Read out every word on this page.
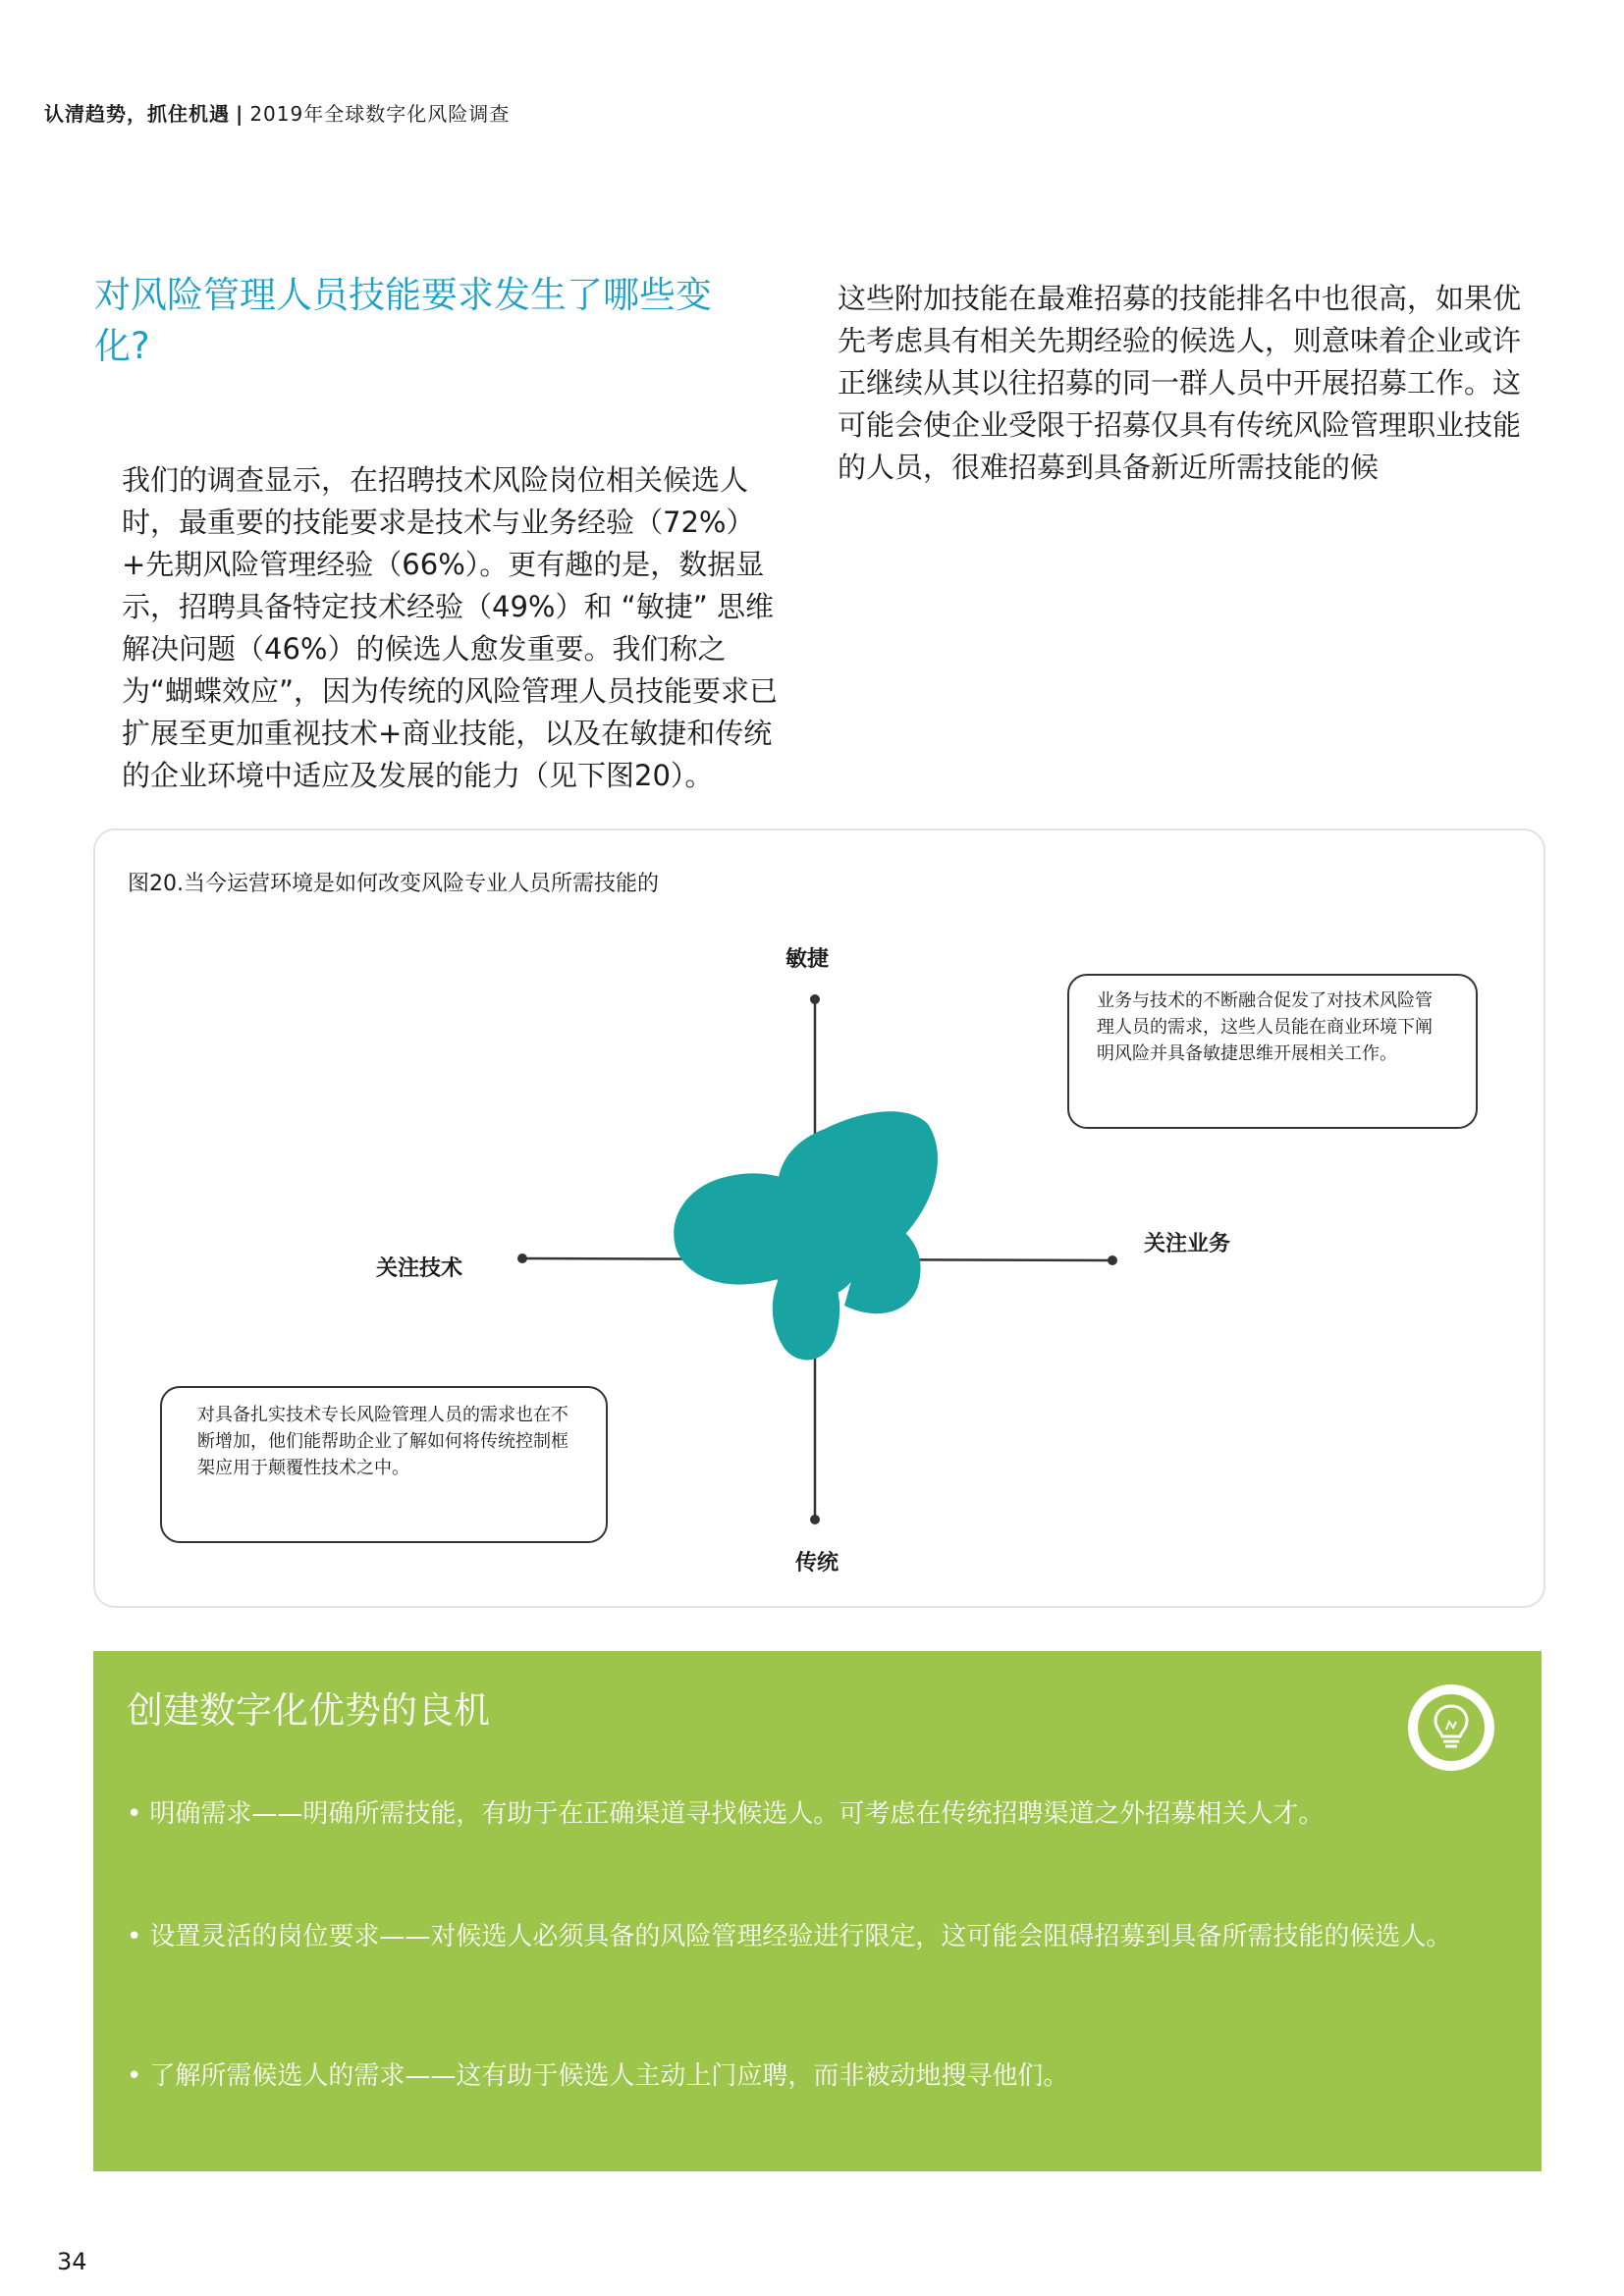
认清趋势，抓住机遇 | 2019年全球数字化风险调查
对风险管理人员技能要求发生了哪些变化?

我们的调查显示，在招聘技术风险岗位相关候选人时，最重要的技能要求是技术与业务经验（72%）+先期风险管理经验（66%）。更有趣的是，数据显示，招聘具备特定技术经验（49%）和 “敏捷” 思维解决问题（46%）的候选人愈发重要。我们称之为“蝴蝶效应”，因为传统的风险管理人员技能要求已扩展至更加重视技术+商业技能，以及在敏捷和传统的企业环境中适应及发展的能力（见下图20）。

这些附加技能在最难招募的技能排名中也很高，如果优先考虑具有相关先期经验的候选人，则意味着企业或许正继续从其以往招募的同一群人员中开展招募工作。这可能会使企业受限于招募仅具有传统风险管理职业技能的人员，很难招募到具备新近所需技能的候

图20.当今运营环境是如何改变风险专业人员所需技能的
敏捷
关注业务
关注技术
传统
业务与技术的不断融合促发了对技术风险管理人员的需求，这些人员能在商业环境下阐明风险并具备敏捷思维开展相关工作。
对具备扎实技术专长风险管理人员的需求也在不断增加，他们能帮助企业了解如何将传统控制框架应用于颠覆性技术之中。
创建数字化优势的良机

• 明确需求——明确所需技能，有助于在正确渠道寻找候选人。可考虑在传统招聘渠道之外招募相关人才。

• 设置灵活的岗位要求——对候选人必须具备的风险管理经验进行限定，这可能会阻碍招募到具备所需技能的候选人。

• 了解所需候选人的需求——这有助于候选人主动上门应聘，而非被动地搜寻他们。

34
